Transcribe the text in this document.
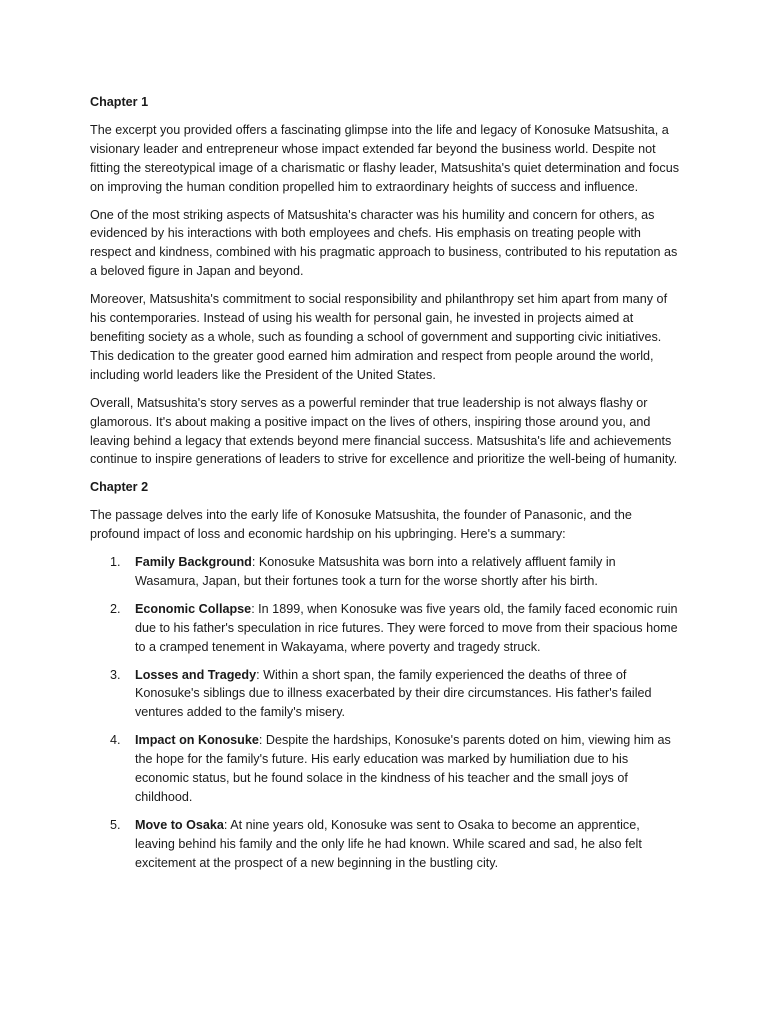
Chapter 1

The excerpt you provided offers a fascinating glimpse into the life and legacy of Konosuke Matsushita, a visionary leader and entrepreneur whose impact extended far beyond the business world. Despite not fitting the stereotypical image of a charismatic or flashy leader, Matsushita's quiet determination and focus on improving the human condition propelled him to extraordinary heights of success and influence.

One of the most striking aspects of Matsushita's character was his humility and concern for others, as evidenced by his interactions with both employees and chefs. His emphasis on treating people with respect and kindness, combined with his pragmatic approach to business, contributed to his reputation as a beloved figure in Japan and beyond.

Moreover, Matsushita's commitment to social responsibility and philanthropy set him apart from many of his contemporaries. Instead of using his wealth for personal gain, he invested in projects aimed at benefiting society as a whole, such as founding a school of government and supporting civic initiatives. This dedication to the greater good earned him admiration and respect from people around the world, including world leaders like the President of the United States.

Overall, Matsushita's story serves as a powerful reminder that true leadership is not always flashy or glamorous. It's about making a positive impact on the lives of others, inspiring those around you, and leaving behind a legacy that extends beyond mere financial success. Matsushita's life and achievements continue to inspire generations of leaders to strive for excellence and prioritize the well-being of humanity.

Chapter 2

The passage delves into the early life of Konosuke Matsushita, the founder of Panasonic, and the profound impact of loss and economic hardship on his upbringing. Here's a summary:

1. Family Background: Konosuke Matsushita was born into a relatively affluent family in Wasamura, Japan, but their fortunes took a turn for the worse shortly after his birth.
2. Economic Collapse: In 1899, when Konosuke was five years old, the family faced economic ruin due to his father's speculation in rice futures. They were forced to move from their spacious home to a cramped tenement in Wakayama, where poverty and tragedy struck.
3. Losses and Tragedy: Within a short span, the family experienced the deaths of three of Konosuke's siblings due to illness exacerbated by their dire circumstances. His father's failed ventures added to the family's misery.
4. Impact on Konosuke: Despite the hardships, Konosuke's parents doted on him, viewing him as the hope for the family's future. His early education was marked by humiliation due to his economic status, but he found solace in the kindness of his teacher and the small joys of childhood.
5. Move to Osaka: At nine years old, Konosuke was sent to Osaka to become an apprentice, leaving behind his family and the only life he had known. While scared and sad, he also felt excitement at the prospect of a new beginning in the bustling city.
